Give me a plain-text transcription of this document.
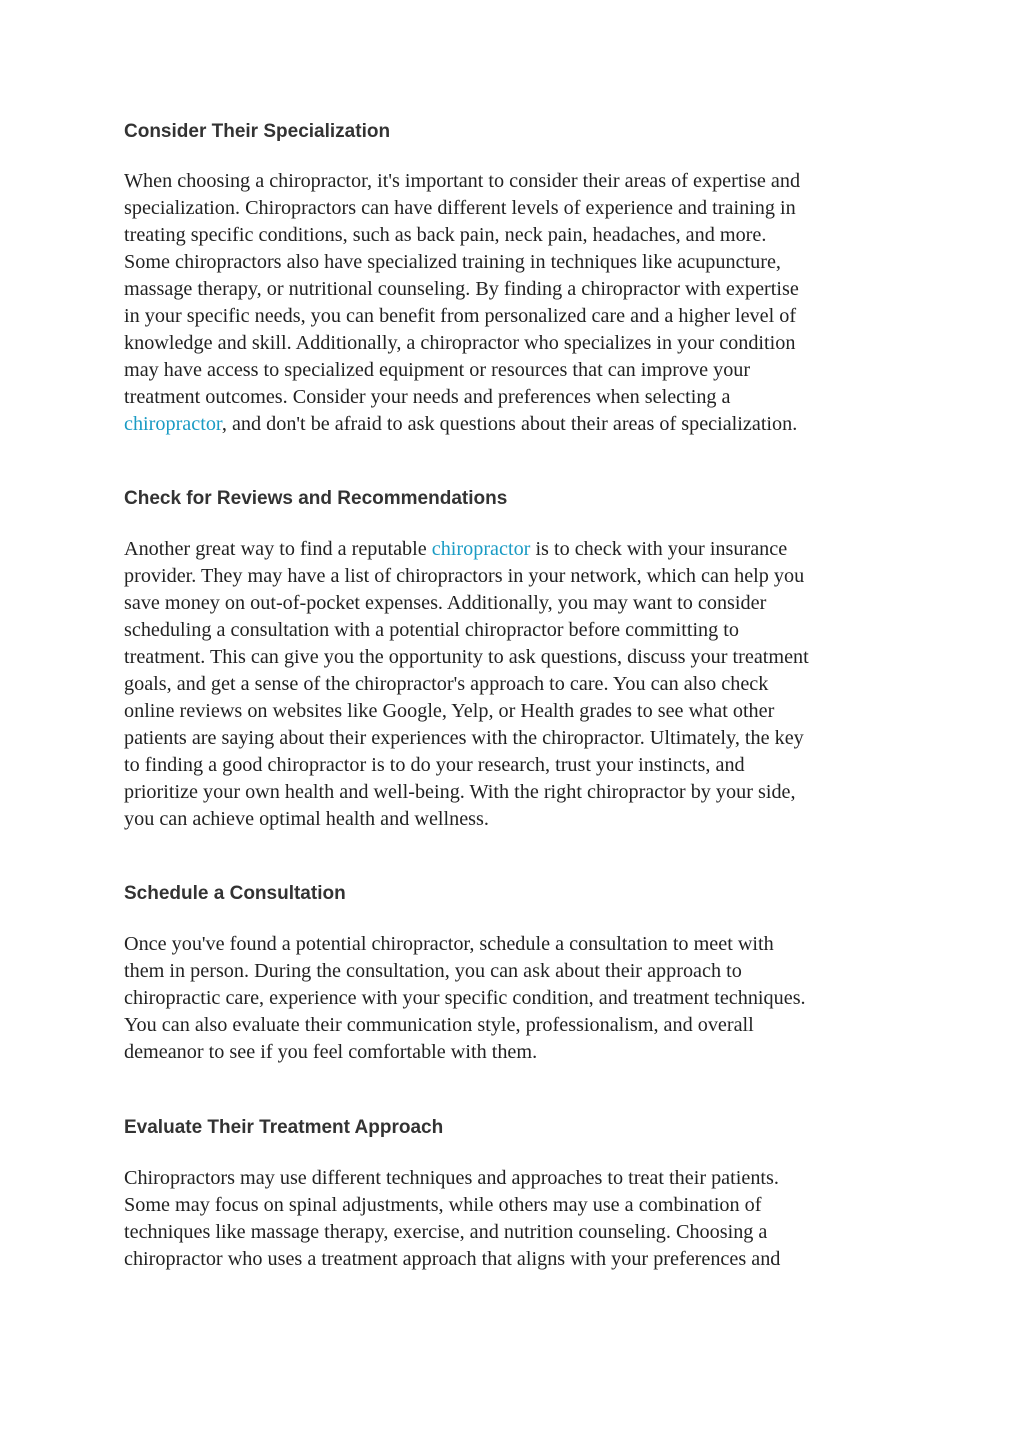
Consider Their Specialization
When choosing a chiropractor, it's important to consider their areas of expertise and
specialization. Chiropractors can have different levels of experience and training in
treating specific conditions, such as back pain, neck pain, headaches, and more.
Some chiropractors also have specialized training in techniques like acupuncture,
massage therapy, or nutritional counseling. By finding a chiropractor with expertise
in your specific needs, you can benefit from personalized care and a higher level of
knowledge and skill. Additionally, a chiropractor who specializes in your condition
may have access to specialized equipment or resources that can improve your
treatment outcomes. Consider your needs and preferences when selecting a
chiropractor, and don't be afraid to ask questions about their areas of specialization.
Check for Reviews and Recommendations
Another great way to find a reputable chiropractor is to check with your insurance
provider. They may have a list of chiropractors in your network, which can help you
save money on out-of-pocket expenses. Additionally, you may want to consider
scheduling a consultation with a potential chiropractor before committing to
treatment. This can give you the opportunity to ask questions, discuss your treatment
goals, and get a sense of the chiropractor's approach to care. You can also check
online reviews on websites like Google, Yelp, or Health grades to see what other
patients are saying about their experiences with the chiropractor. Ultimately, the key
to finding a good chiropractor is to do your research, trust your instincts, and
prioritize your own health and well-being. With the right chiropractor by your side,
you can achieve optimal health and wellness.
Schedule a Consultation
Once you've found a potential chiropractor, schedule a consultation to meet with
them in person. During the consultation, you can ask about their approach to
chiropractic care, experience with your specific condition, and treatment techniques.
You can also evaluate their communication style, professionalism, and overall
demeanor to see if you feel comfortable with them.
Evaluate Their Treatment Approach
Chiropractors may use different techniques and approaches to treat their patients.
Some may focus on spinal adjustments, while others may use a combination of
techniques like massage therapy, exercise, and nutrition counseling. Choosing a
chiropractor who uses a treatment approach that aligns with your preferences and
